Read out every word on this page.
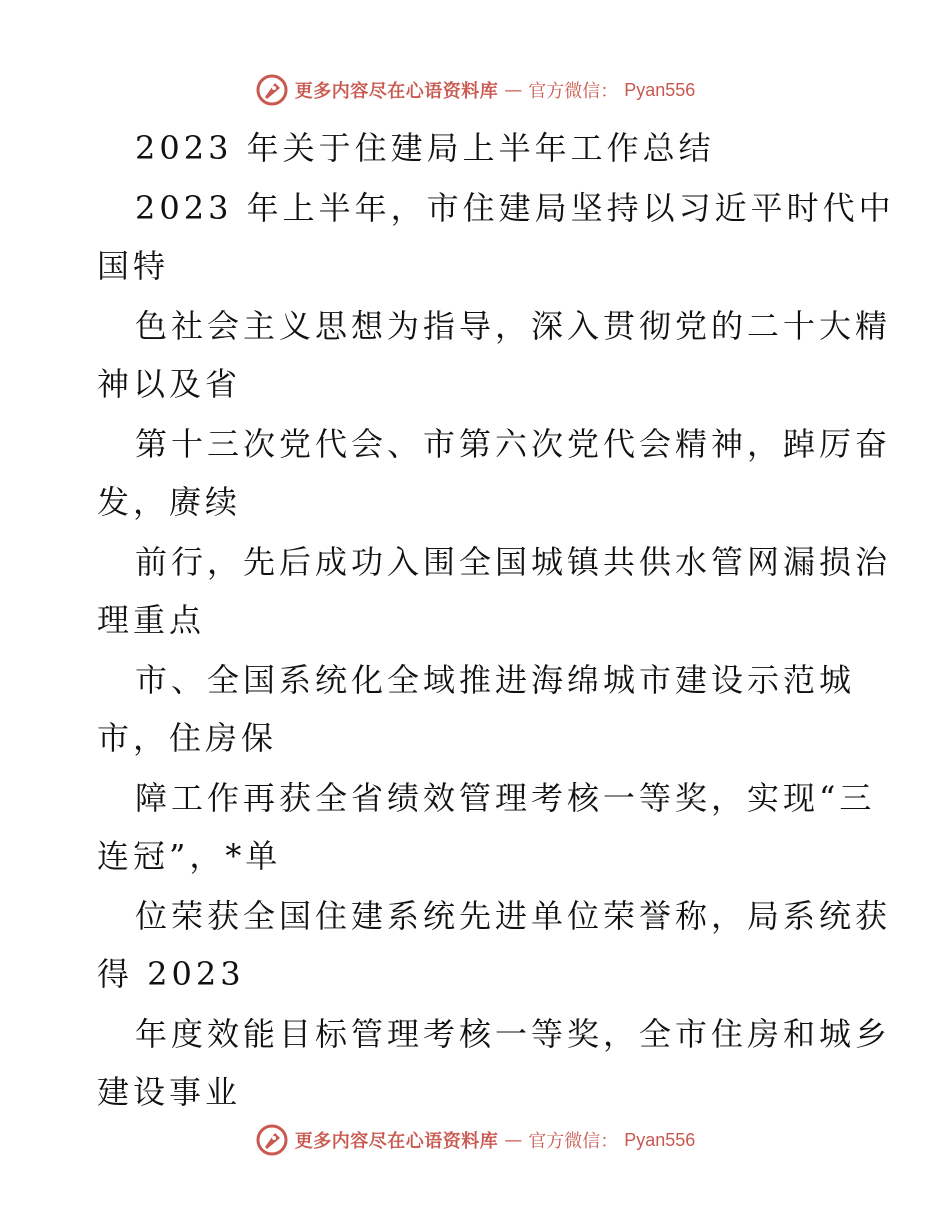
更多内容尽在心语资料库 — 官方微信： Pyan556
2023 年关于住建局上半年工作总结
2023 年上半年，市住建局坚持以习近平时代中
国特
色社会主义思想为指导，深入贯彻党的二十大精
神以及省
第十三次党代会、市第六次党代会精神，踔厉奋
发，赓续
前行，先后成功入围全国城镇共供水管网漏损治
理重点
市、全国系统化全域推进海绵城市建设示范城
市，住房保
障工作再获全省绩效管理考核一等奖，实现“三
连冠”，*单
位荣获全国住建系统先进单位荣誉称，局系统获
得 2023
年度效能目标管理考核一等奖，全市住房和城乡
建设事业
更多内容尽在心语资料库 — 官方微信： Pyan556
